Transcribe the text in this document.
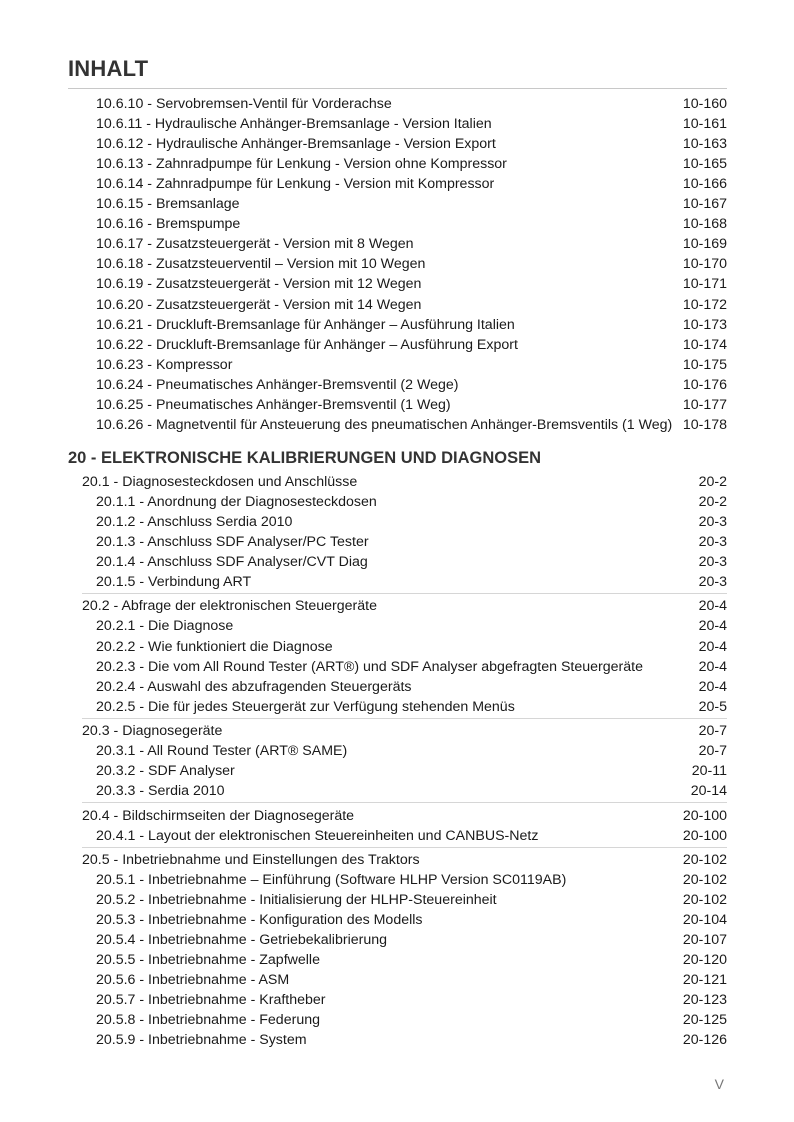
INHALT
10.6.10 - Servobremsen-Ventil für Vorderachse	10-160
10.6.11 - Hydraulische Anhänger-Bremsanlage - Version Italien	10-161
10.6.12 - Hydraulische Anhänger-Bremsanlage - Version Export	10-163
10.6.13 - Zahnradpumpe für Lenkung - Version ohne Kompressor	10-165
10.6.14 - Zahnradpumpe für Lenkung - Version mit Kompressor	10-166
10.6.15 - Bremsanlage	10-167
10.6.16 - Bremspumpe	10-168
10.6.17 - Zusatzsteuergerät - Version mit 8 Wegen	10-169
10.6.18 - Zusatzsteuerventil – Version mit 10 Wegen	10-170
10.6.19 - Zusatzsteuergerät - Version mit 12 Wegen	10-171
10.6.20 - Zusatzsteuergerät - Version mit 14 Wegen	10-172
10.6.21 - Druckluft-Bremsanlage für Anhänger – Ausführung Italien	10-173
10.6.22 - Druckluft-Bremsanlage für Anhänger – Ausführung Export	10-174
10.6.23 - Kompressor	10-175
10.6.24 - Pneumatisches Anhänger-Bremsventil (2 Wege)	10-176
10.6.25 - Pneumatisches Anhänger-Bremsventil (1 Weg)	10-177
10.6.26 - Magnetventil für Ansteuerung des pneumatischen Anhänger-Bremsventils (1 Weg) 10-178
20 - ELEKTRONISCHE KALIBRIERUNGEN UND DIAGNOSEN
20.1 - Diagnosesteckdosen und Anschlüsse	20-2
20.1.1 - Anordnung der Diagnosesteckdosen	20-2
20.1.2 - Anschluss Serdia 2010	20-3
20.1.3 - Anschluss SDF Analyser/PC Tester	20-3
20.1.4 - Anschluss SDF Analyser/CVT Diag	20-3
20.1.5 - Verbindung ART	20-3
20.2 - Abfrage der elektronischen Steuergeräte	20-4
20.2.1 - Die Diagnose	20-4
20.2.2 - Wie funktioniert die Diagnose	20-4
20.2.3 - Die vom All Round Tester (ART®) und SDF Analyser abgefragten Steuergeräte	20-4
20.2.4 - Auswahl des abzufragenden Steuergeräts	20-4
20.2.5 - Die für jedes Steuergerät zur Verfügung stehenden Menüs	20-5
20.3 - Diagnosegeräte	20-7
20.3.1 - All Round Tester (ART® SAME)	20-7
20.3.2 - SDF Analyser	20-11
20.3.3 - Serdia 2010	20-14
20.4 - Bildschirmseiten der Diagnosegeräte	20-100
20.4.1 - Layout der elektronischen Steuereinheiten und CANBUS-Netz	20-100
20.5 - Inbetriebnahme und Einstellungen des Traktors	20-102
20.5.1 - Inbetriebnahme – Einführung (Software HLHP Version SC0119AB)	20-102
20.5.2 - Inbetriebnahme - Initialisierung der HLHP-Steuereinheit	20-102
20.5.3 - Inbetriebnahme - Konfiguration des Modells	20-104
20.5.4 - Inbetriebnahme - Getriebekalibrierung	20-107
20.5.5 - Inbetriebnahme - Zapfwelle	20-120
20.5.6 - Inbetriebnahme - ASM	20-121
20.5.7 - Inbetriebnahme - Kraftheber	20-123
20.5.8 - Inbetriebnahme - Federung	20-125
20.5.9 - Inbetriebnahme - System	20-126
V
